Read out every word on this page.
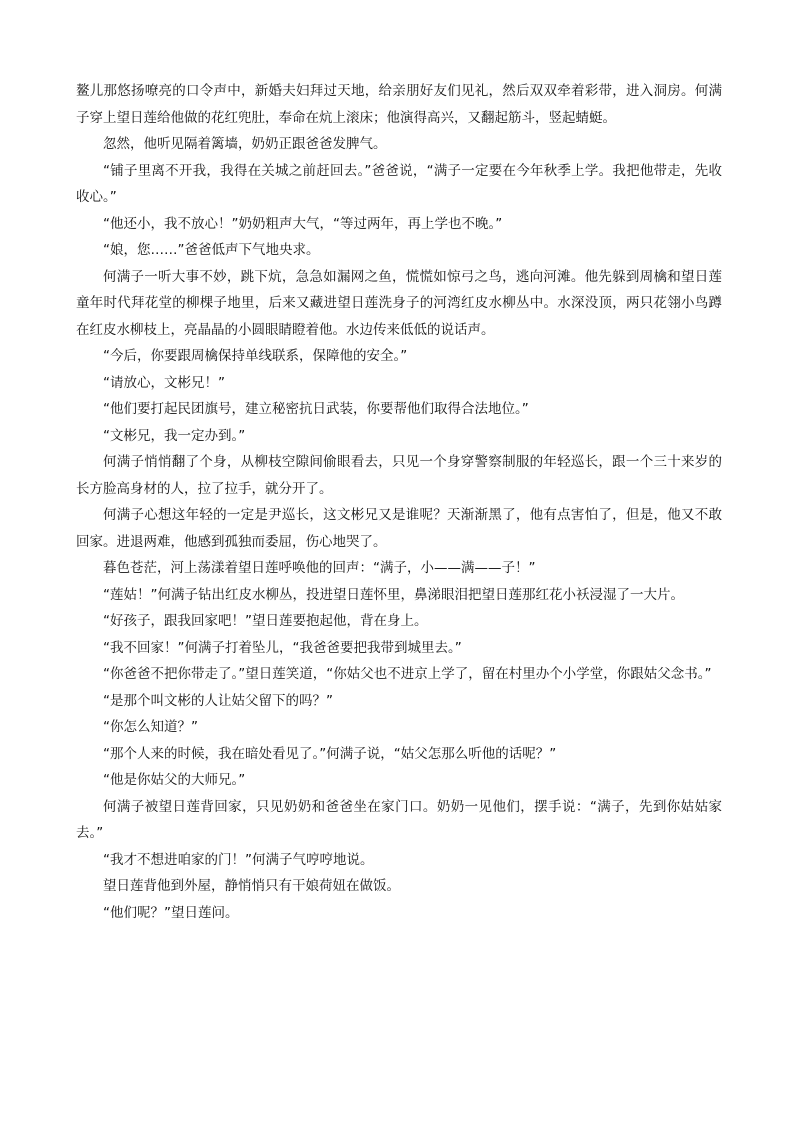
鳌儿那悠扬嘹亮的口令声中，新婚夫妇拜过天地，给亲朋好友们见礼，然后双双牵着彩带，进入洞房。何满子穿上望日莲给他做的花红兜肚，奉命在炕上滚床；他演得高兴，又翻起筋斗，竖起蜻蜓。

忽然，他听见隔着篱墙，奶奶正跟爸爸发脾气。

“铺子里离不开我，我得在关城之前赶回去。”爸爸说，“满子一定要在今年秋季上学。我把他带走，先收收心。”

“他还小，我不放心！”奶奶粗声大气，“等过两年，再上学也不晚。”

“娘，您……”爸爸低声下气地央求。

何满子一听大事不妙，跳下炕，急急如漏网之鱼，慌慌如惊弓之鸟，逃向河滩。他先躲到周檎和望日莲童年时代拜花堂的柳棵子地里，后来又藏进望日莲洗身子的河湾红皮水柳丛中。水深没顶，两只花翎小鸟蹲在红皮水柳枝上，亮晶晶的小圆眼睛瞪着他。水边传来低低的说话声。

“今后，你要跟周檎保持单线联系，保障他的安全。”

“请放心，文彬兄！”

“他们要打起民团旗号，建立秘密抗日武装，你要帮他们取得合法地位。”

“文彬兄，我一定办到。”

何满子悄悄翻了个身，从柳枝空隙间偷眼看去，只见一个身穿警察制服的年轻巡长，跟一个三十来岁的长方脸高身材的人，拉了拉手，就分开了。

何满子心想这年轻的一定是尹巡长，这文彬兄又是谁呢？天渐渐黑了，他有点害怕了，但是，他又不敢回家。进退两难，他感到孤独而委屈，伤心地哭了。

暮色苍茫，河上荡漾着望日莲呼唤他的回声：“满子，小——满——子！”

“莲姑！”何满子钻出红皮水柳丛，投进望日莲怀里，鼻涕眼泪把望日莲那红花小袄浸湿了一大片。

“好孩子，跟我回家吧！”望日莲要抱起他，背在身上。

“我不回家！”何满子打着坠儿，“我爸爸要把我带到城里去。”

“你爸爸不把你带走了。”望日莲笑道，“你姑父也不进京上学了，留在村里办个小学堂，你跟姑父念书。”

“是那个叫文彬的人让姑父留下的吗？”

“你怎么知道？”

“那个人来的时候，我在暗处看见了。”何满子说，“姑父怎那么听他的话呢？”

“他是你姑父的大师兄。”

何满子被望日莲背回家，只见奶奶和爸爸坐在家门口。奶奶一见他们，摆手说：“满子，先到你姑姑家去。”

“我才不想进咱家的门！”何满子气哼哼地说。

望日莲背他到外屋，静悄悄只有干娘荷妞在做饭。

“他们呢？”望日莲问。
